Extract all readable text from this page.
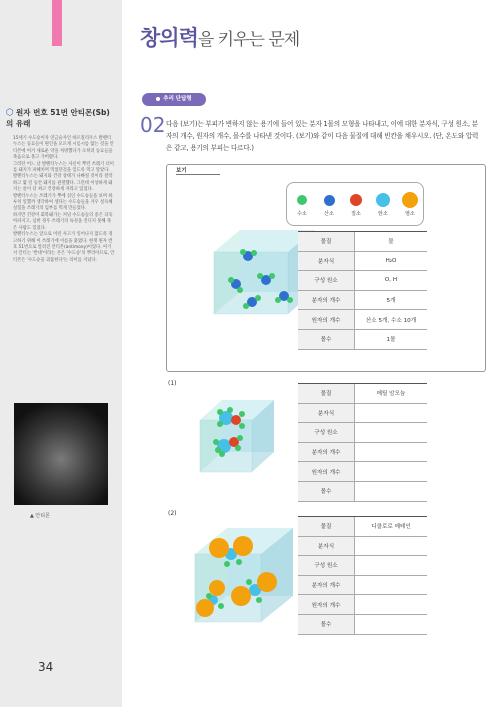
창의력을 키우는 문제
⬡ 원자 번호 51번 안티몬(Sb)의 유래

15세기 수도승이자 연금술사인 바르질리우스 발렌티누스는 동료들이 원인을 모르게 시름시름 앓는 것을 안티몬에 여겨 새로운 약을 처방했다가 오히려 동료들을 죽음으로 몰고 가버렸다.

그러던 어느 날 발렌티누스는 자신이 뿌린 쓰레기 더미를 돼지가 파헤치며 먹었던것을 잊도록 먹고 말았다. 발렌티누스는 돼지와 건강 상태가 나빠질 것이라 잘작하고 몇 일 동안 돼지를 관찰했다. 그런데 이상하게 돼지는 살이 더 찌고 건강하게 자라고 있었다.

발렌티누스는 쓰레기가 뿌에 섞인 수도승들을 보며 하루치 일했까 생각하여 셀다는 수도승들을 겨우 설득해 실험을 쓰레기의 임부를 먹게 만들었다.

하지만 건강이 회복돼가는 커녕 수도승들의 증은 더욱 아파지고, 심한 경우 쓰레기의 독성을 견디지 못해 죽은 사람도 있었다.

발렌티누스는 앞으로 이런 사고가 일어나지 않도록 경고하기 위해 이 쓰레기에 이름을 붙였다. 현재 원자 번호 51번으로 알려진 안티몬(antimony)이었다. 여기서 안티는 '반대'이라는 본은 '수도승'의 뿌리이므로, 안티몬은 '수도승을 괴롭힌다'는 의미를 지녔다.

▲ 안티몬
34
추리 단답형
02 다음 (보기)는 부피가 변하지 않는 용기에 들어 있는 분자 1몰의 모형을 나타내고, 이에 대한 분자식, 구성 원소, 분자의 개수, 원자의 개수, 몰수를 나타낸 것이다. (보기)와 같이 다음 물질에 대해 빈칸을 채우시오. (단, 온도와 압력은 같고, 용기의 부피는 다르다.)
보기
수소	산소	질소	탄소	염소
물질	물
분자식	H₂O
구성 원소	O, H
분자의 개수	5개
원자의 개수	산소 5개, 수소 10개
몰수	1몰
(1)
물질	메틸 암모늄
분자식	
구성 원소	
분자의 개수	
원자의 개수	
몰수	
(2)
물질	디클로로 메테인
분자식	
구성 원소	
분자의 개수	
원자의 개수	
몰수	
